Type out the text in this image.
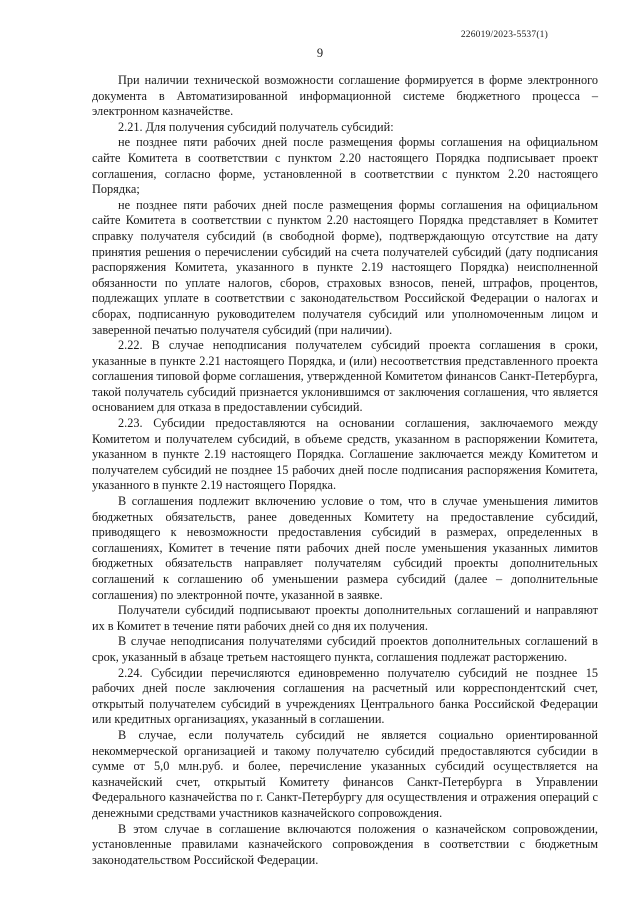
226019/2023-5537(1)
9

При наличии технической возможности соглашение формируется в форме электронного документа в Автоматизированной информационной системе бюджетного процесса – электронном казначействе.

2.21. Для получения субсидий получатель субсидий:

не позднее пяти рабочих дней после размещения формы соглашения на официальном сайте Комитета в соответствии с пунктом 2.20 настоящего Порядка подписывает проект соглашения, согласно форме, установленной в соответствии с пунктом 2.20 настоящего Порядка;

не позднее пяти рабочих дней после размещения формы соглашения на официальном сайте Комитета в соответствии с пунктом 2.20 настоящего Порядка представляет в Комитет справку получателя субсидий (в свободной форме), подтверждающую отсутствие на дату принятия решения о перечислении субсидий на счета получателей субсидий (дату подписания распоряжения Комитета, указанного в пункте 2.19 настоящего Порядка) неисполненной обязанности по уплате налогов, сборов, страховых взносов, пеней, штрафов, процентов, подлежащих уплате в соответствии с законодательством Российской Федерации о налогах и сборах, подписанную руководителем получателя субсидий или уполномоченным лицом и заверенной печатью получателя субсидий (при наличии).

2.22. В случае неподписания получателем субсидий проекта соглашения в сроки, указанные в пункте 2.21 настоящего Порядка, и (или) несоответствия представленного проекта соглашения типовой форме соглашения, утвержденной Комитетом финансов Санкт-Петербурга, такой получатель субсидий признается уклонившимся от заключения соглашения, что является основанием для отказа в предоставлении субсидий.

2.23. Субсидии предоставляются на основании соглашения, заключаемого между Комитетом и получателем субсидий, в объеме средств, указанном в распоряжении Комитета, указанном в пункте 2.19 настоящего Порядка. Соглашение заключается между Комитетом и получателем субсидий не позднее 15 рабочих дней после подписания распоряжения Комитета, указанного в пункте 2.19 настоящего Порядка.

В соглашения подлежит включению условие о том, что в случае уменьшения лимитов бюджетных обязательств, ранее доведенных Комитету на предоставление субсидий, приводящего к невозможности предоставления субсидий в размерах, определенных в соглашениях, Комитет в течение пяти рабочих дней после уменьшения указанных лимитов бюджетных обязательств направляет получателям субсидий проекты дополнительных соглашений к соглашению об уменьшении размера субсидий (далее – дополнительные соглашения) по электронной почте, указанной в заявке.

Получатели субсидий подписывают проекты дополнительных соглашений и направляют их в Комитет в течение пяти рабочих дней со дня их получения.

В случае неподписания получателями субсидий проектов дополнительных соглашений в срок, указанный в абзаце третьем настоящего пункта, соглашения подлежат расторжению.

2.24. Субсидии перечисляются единовременно получателю субсидий не позднее 15 рабочих дней после заключения соглашения на расчетный или корреспондентский счет, открытый получателем субсидий в учреждениях Центрального банка Российской Федерации или кредитных организациях, указанный в соглашении.

В случае, если получатель субсидий не является социально ориентированной некоммерческой организацией и такому получателю субсидий предоставляются субсидии в сумме от 5,0 млн.руб. и более, перечисление указанных субсидий осуществляется на казначейский счет, открытый Комитету финансов Санкт-Петербурга в Управлении Федерального казначейства по г. Санкт-Петербургу для осуществления и отражения операций с денежными средствами участников казначейского сопровождения.

В этом случае в соглашение включаются положения о казначейском сопровождении, установленные правилами казначейского сопровождения в соответствии с бюджетным законодательством Российской Федерации.
